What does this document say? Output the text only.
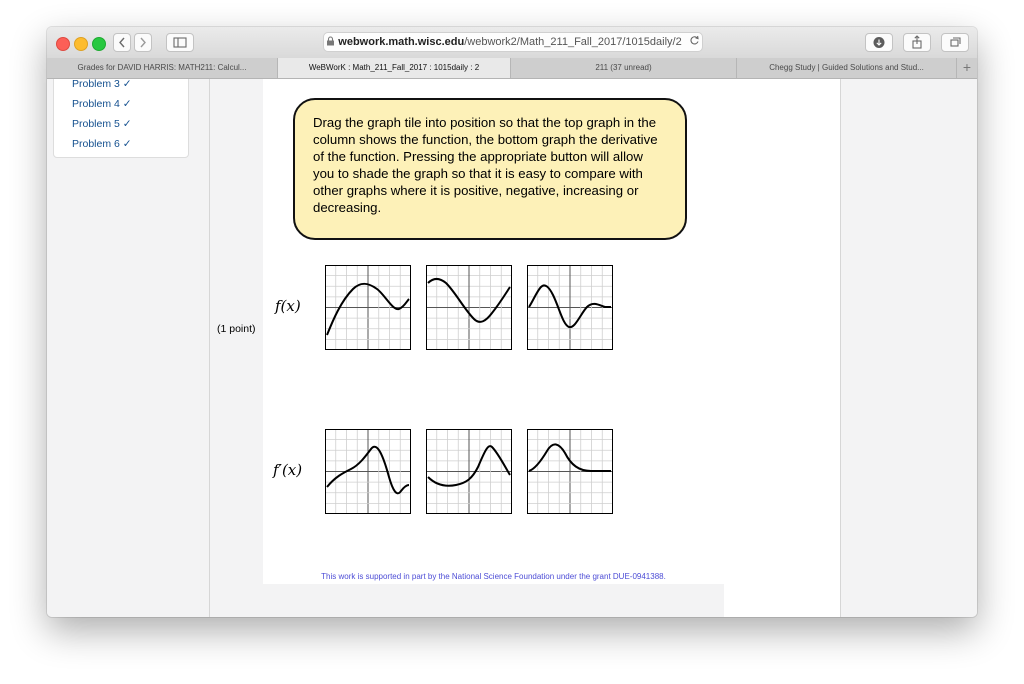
webwork.math.wisc.edu/webwork2/Math_211_Fall_2017/1015daily/2
Grades for DAVID HARRIS: MATH211: Calcul...	WeBWorK : Math_211_Fall_2017 : 1015daily : 2	211 (37 unread)	Chegg Study | Guided Solutions and Stud...	+
Problem 3 ✓
Problem 4 ✓
Problem 5 ✓
Problem 6 ✓
Drag the graph tile into position so that the top graph in the column shows the function, the bottom graph the derivative of the function. Pressing the appropriate button will allow you to shade the graph so that it is easy to compare with other graphs where it is positive, negative, increasing or decreasing.
(1 point)
f(x)
f′(x)
This work is supported in part by the National Science Foundation under the grant DUE-0941388.
